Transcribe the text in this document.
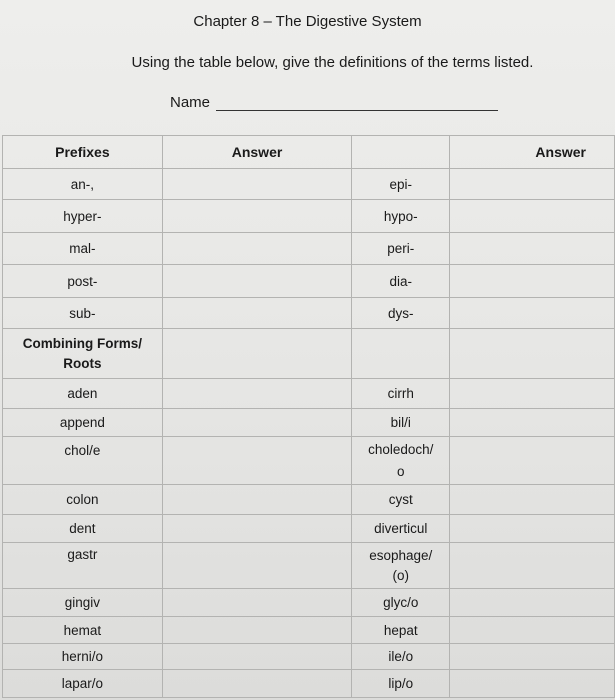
Chapter 8 – The Digestive System
Using the table below, give the definitions of the terms listed.
Name
Prefixes	Answer		Answer
an-,		epi-	
hyper-		hypo-	
mal-		peri-	
post-		dia-	
sub-		dys-	

Combining Forms/
Roots			

aden		cirrh	
append		bil/i	
chol/e		choledoch/
o	

colon		cyst	
dent		diverticul	
gastr		esophage/
(o)	

gingiv		glyc/o	
hemat		hepat	
herni/o		ile/o	
lapar/o		lip/o	
